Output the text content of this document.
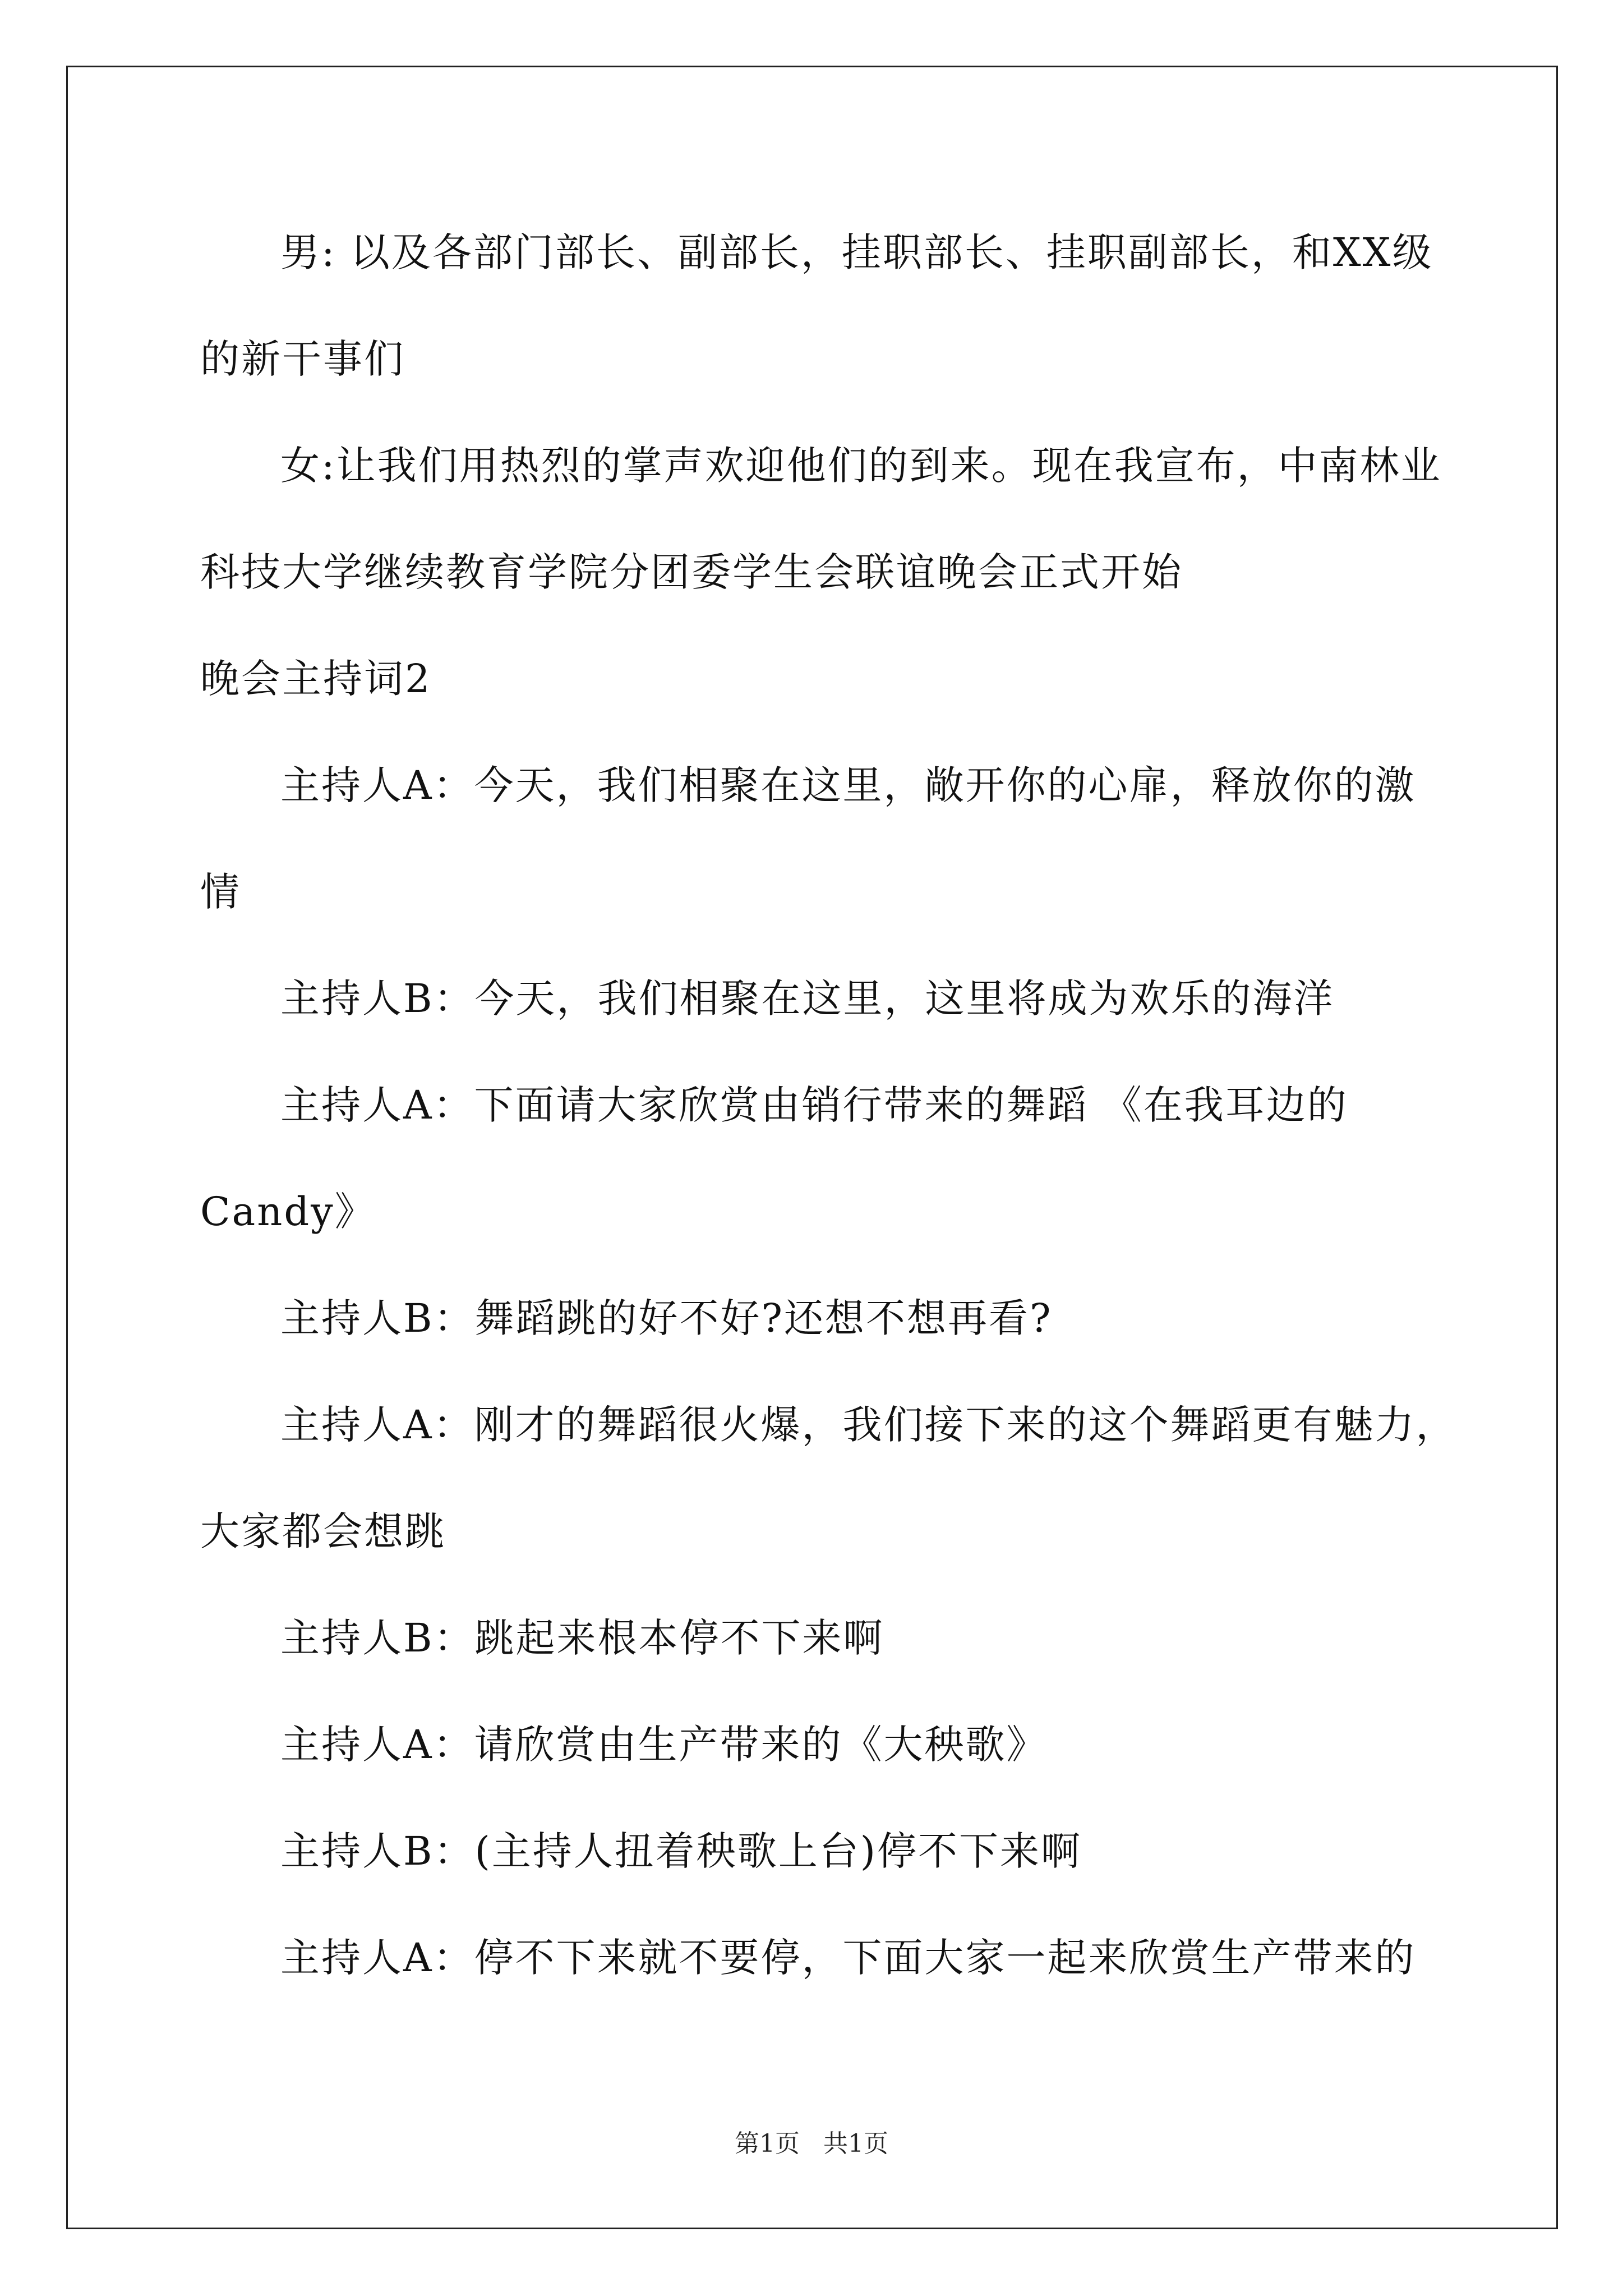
男: 以及各部门部长、副部长，挂职部长、挂职副部长，和XX级
的新干事们
女:让我们用热烈的掌声欢迎他们的到来。现在我宣布，中南林业
科技大学继续教育学院分团委学生会联谊晚会正式开始
晚会主持词2
主持人A：今天，我们相聚在这里，敞开你的心扉，释放你的激
情
主持人B：今天，我们相聚在这里，这里将成为欢乐的海洋
主持人A：下面请大家欣赏由销行带来的舞蹈 《在我耳边的
Candy》
主持人B：舞蹈跳的好不好?还想不想再看?
主持人A：刚才的舞蹈很火爆，我们接下来的这个舞蹈更有魅力，
大家都会想跳
主持人B：跳起来根本停不下来啊
主持人A：请欣赏由生产带来的《大秧歌》
主持人B：(主持人扭着秧歌上台)停不下来啊
主持人A：停不下来就不要停，下面大家一起来欣赏生产带来的
第1页   共1页
